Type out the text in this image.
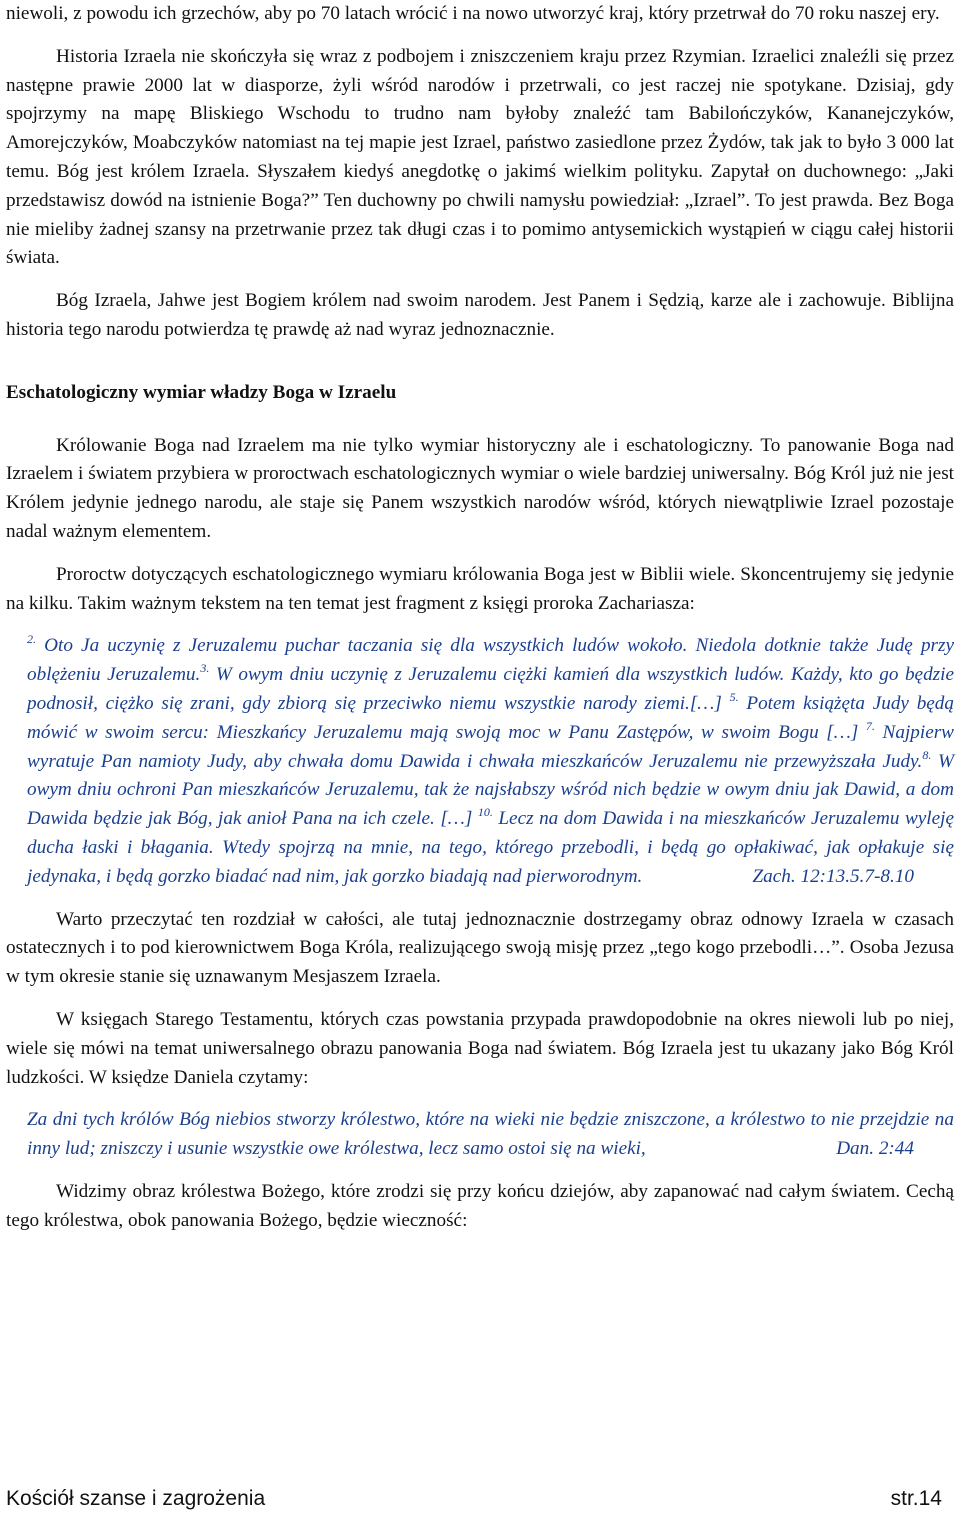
niewoli, z powodu ich grzechów, aby po 70 latach wrócić i na nowo utworzyć kraj, który przetrwał do 70 roku naszej ery.

Historia Izraela nie skończyła się wraz z podbojem i zniszczeniem kraju przez Rzymian. Izraelici znaleźli się przez następne prawie 2000 lat w diasporze, żyli wśród narodów i przetrwali, co jest raczej nie spotykane. Dzisiaj, gdy spojrzymy na mapę Bliskiego Wschodu to trudno nam byłoby znaleźć tam Babilończyków, Kananejczyków, Amorejczyków, Moabczyków natomiast na tej mapie jest Izrael, państwo zasiedlone przez Żydów, tak jak to było 3 000 lat temu. Bóg jest królem Izraela. Słyszałem kiedyś anegdotkę o jakimś wielkim polityku. Zapytał on duchownego: „Jaki przedstawisz dowód na istnienie Boga?” Ten duchowny po chwili namysłu powiedział: „Izrael”. To jest prawda. Bez Boga nie mieliby żadnej szansy na przetrwanie przez tak długi czas i to pomimo antysemickich wystąpień w ciągu całej historii świata.

Bóg Izraela, Jahwe jest Bogiem królem nad swoim narodem. Jest Panem i Sędzią, karze ale i zachowuje. Biblijna historia tego narodu potwierdza tę prawdę aż nad wyraz jednoznacznie.

Eschatologiczny wymiar władzy Boga w Izraelu

Królowanie Boga nad Izraelem ma nie tylko wymiar historyczny ale i eschatologiczny. To panowanie Boga nad Izraelem i światem przybiera w proroctwach eschatologicznych wymiar o wiele bardziej uniwersalny. Bóg Król już nie jest Królem jedynie jednego narodu, ale staje się Panem wszystkich narodów wśród, których niewątpliwie Izrael pozostaje nadal ważnym elementem.

Proroctw dotyczących eschatologicznego wymiaru królowania Boga jest w Biblii wiele. Skoncentrujemy się jedynie na kilku. Takim ważnym tekstem na ten temat jest fragment z księgi proroka Zachariasza:

$^{2.}$ Oto Ja uczynię z Jeruzalemu puchar taczania się dla wszystkich ludów wokoło. Niedola dotknie także Judę przy oblężeniu Jeruzalemu.$^{3.}$ W owym dniu uczynię z Jeruzalemu ciężki kamień dla wszystkich ludów. Każdy, kto go będzie podnosił, ciężko się zrani, gdy zbiorą się przeciwko niemu wszystkie narody ziemi.[…] $^{5.}$ Potem książęta Judy będą mówić w swoim sercu: Mieszkańcy Jeruzalemu mają swoją moc w Panu Zastępów, w swoim Bogu […] $^{7.}$ Najpierw wyratuje Pan namioty Judy, aby chwała domu Dawida i chwała mieszkańców Jeruzalemu nie przewyższała Judy.$^{8.}$ W owym dniu ochroni Pan mieszkańców Jeruzalemu, tak że najsłabszy wśród nich będzie w owym dniu jak Dawid, a dom Dawida będzie jak Bóg, jak anioł Pana na ich czele. […] $^{10.}$ Lecz na dom Dawida i na mieszkańców Jeruzalemu wyleję ducha łaski i błagania. Wtedy spojrzą na mnie, na tego, którego przebodli, i będą go opłakiwać, jak opłakuje się jedynaka, i będą gorzko biadać nad nim, jak gorzko biadają nad pierworodnym.	Zach. 12:13.5.7-8.10

Warto przeczytać ten rozdział w całości, ale tutaj jednoznacznie dostrzegamy obraz odnowy Izraela w czasach ostatecznych i to pod kierownictwem Boga Króla, realizującego swoją misję przez „tego kogo przebodli…”. Osoba Jezusa w tym okresie stanie się uznawanym Mesjaszem Izraela.

W księgach Starego Testamentu, których czas powstania przypada prawdopodobnie na okres niewoli lub po niej, wiele się mówi na temat uniwersalnego obrazu panowania Boga nad światem. Bóg Izraela jest tu ukazany jako Bóg Król ludzkości. W księdze Daniela czytamy:

Za dni tych królów Bóg niebios stworzy królestwo, które na wieki nie będzie zniszczone, a królestwo to nie przejdzie na inny lud; zniszczy i usunie wszystkie owe królestwa, lecz samo ostoi się na wieki,	Dan. 2:44

Widzimy obraz królestwa Bożego, które zrodzi się przy końcu dziejów, aby zapanować nad całym światem. Cechą tego królestwa, obok panowania Bożego, będzie wieczność:

Kościół szanse i zagrożenia	str.14
